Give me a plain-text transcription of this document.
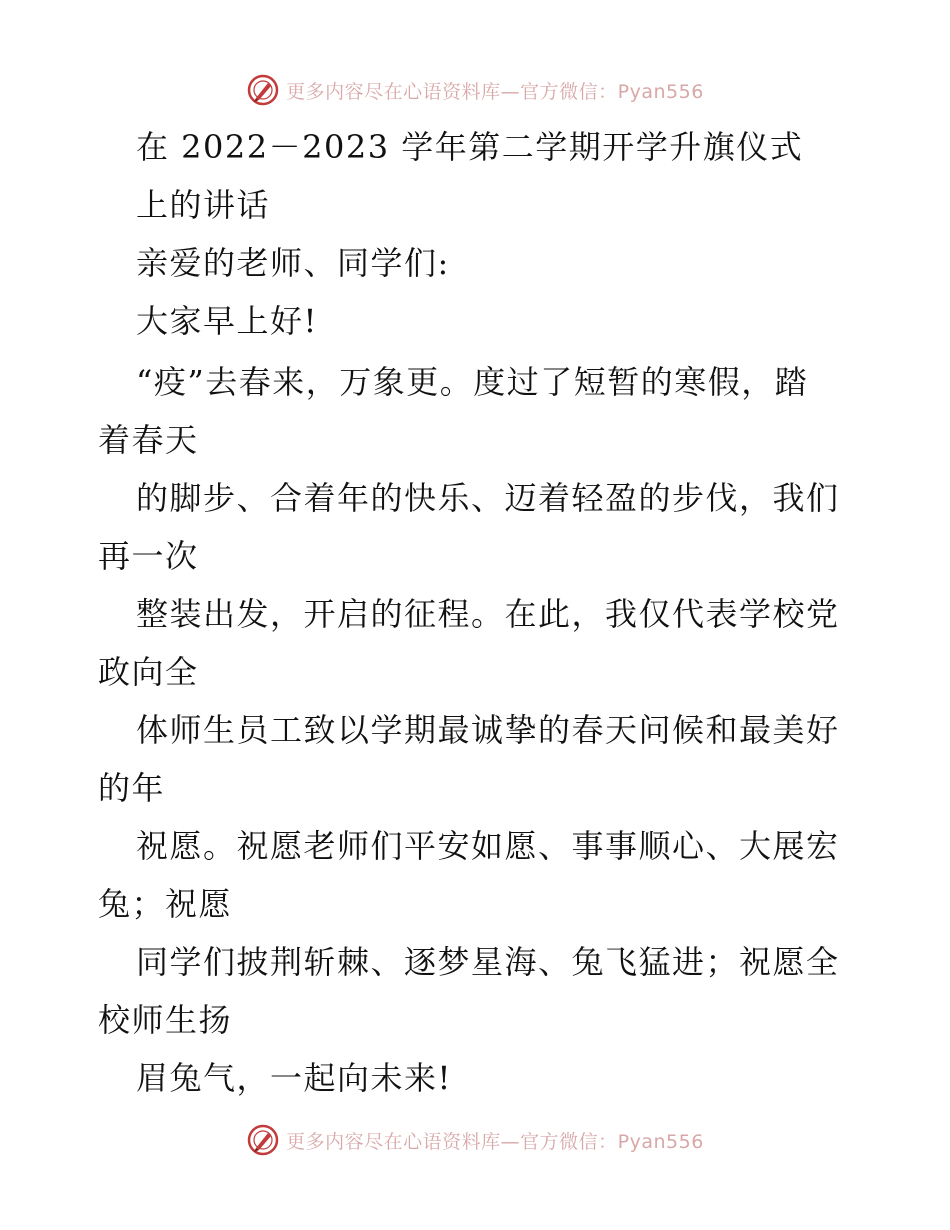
更多内容尽在心语资料库—官方微信：Pyan556
在 2022－2023 学年第二学期开学升旗仪式
上的讲话
亲爱的老师、同学们:
大家早上好!
“疫”去春来，万象更。度过了短暂的寒假，踏
着春天
的脚步、合着年的快乐、迈着轻盈的步伐，我们
再一次
整装出发，开启的征程。在此，我仅代表学校党
政向全
体师生员工致以学期最诚挚的春天问候和最美好
的年
祝愿。祝愿老师们平安如愿、事事顺心、大展宏
兔；祝愿
同学们披荆斩棘、逐梦星海、兔飞猛进；祝愿全
校师生扬
眉兔气，一起向未来!
更多内容尽在心语资料库—官方微信：Pyan556
